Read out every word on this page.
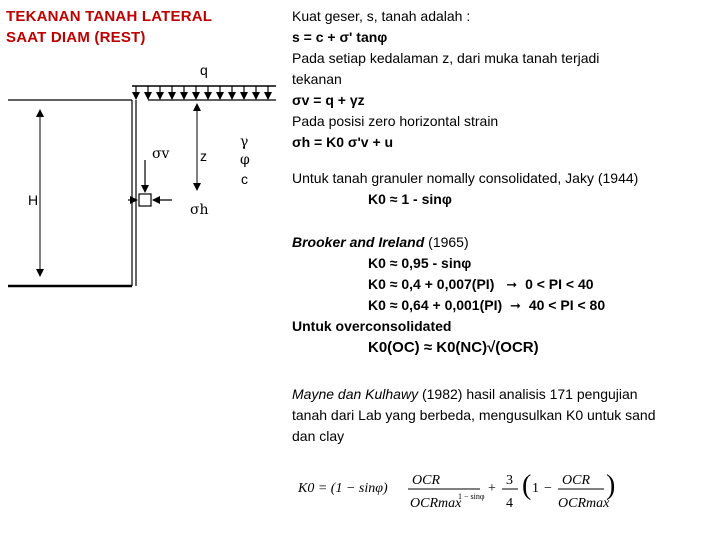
TEKANAN TANAH LATERAL
SAAT DIAM (REST)
q
σv z
H
σh
γ
φ
c
Kuat geser, s, tanah adalah :
s = c + σ' tanφ
Pada setiap kedalaman z, dari muka tanah terjadi
tekanan
σv = q + γz
Pada posisi zero horizontal strain
σh = K0 σ'v + u
Untuk tanah granuler nomally consolidated, Jaky (1944)
K0 ≈ 1 - sinφ
Brooker and Ireland (1965)
K0 ≈ 0,95 - sinφ
K0 ≈ 0,4 + 0,007(PI) ➞ 0 < PI < 40
K0 ≈ 0,64 + 0,001(PI) ➞ 40 < PI < 80
Untuk overconsolidated
K0(OC) ≈ K0(NC)√(OCR)
Mayne dan Kulhawy (1982) hasil analisis 171 pengujian
tanah dari Lab yang berbeda, mengusulkan K0 untuk sand
dan clay
K0 = (1 − sinφ)
OCR
OCRmax
1 − sinφ
+
3
4
( 1 −
OCR
OCRmax
)
